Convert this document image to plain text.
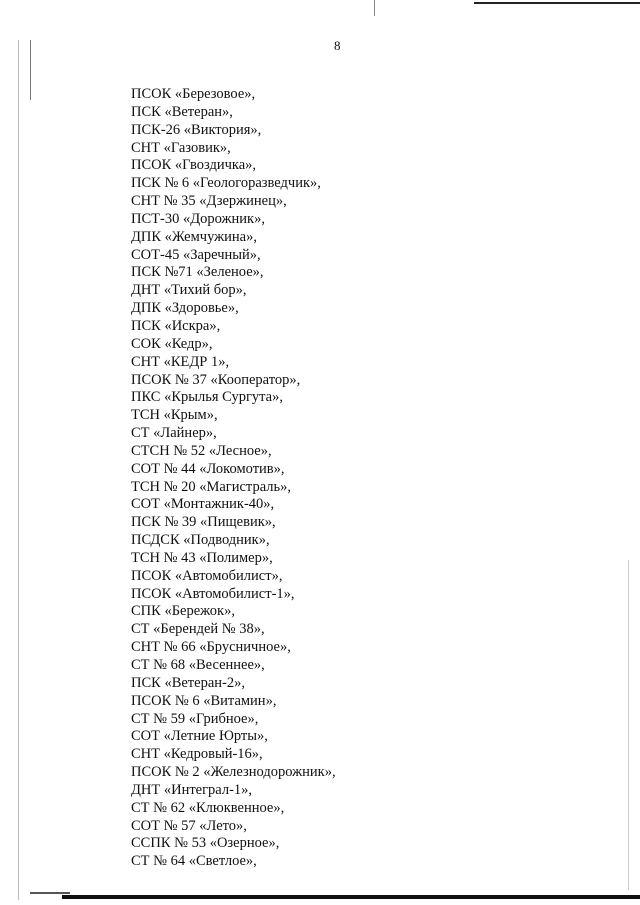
8
ПСОК «Березовое»,
ПСК «Ветеран»,
ПСК-26 «Виктория»,
СНТ «Газовик»,
ПСОК «Гвоздичка»,
ПСК № 6 «Геологоразведчик»,
СНТ № 35 «Дзержинец»,
ПСТ-30 «Дорожник»,
ДПК «Жемчужина»,
СОТ-45 «Заречный»,
ПСК №71 «Зеленое»,
ДНТ «Тихий бор»,
ДПК «Здоровье»,
ПСК «Искра»,
СОК «Кедр»,
СНТ «КЕДР 1»,
ПСОК № 37 «Кооператор»,
ПКС «Крылья Сургута»,
ТСН «Крым»,
СТ «Лайнер»,
СТСН № 52 «Лесное»,
СОТ № 44 «Локомотив»,
ТСН № 20 «Магистраль»,
СОТ «Монтажник-40»,
ПСК № 39 «Пищевик»,
ПСДСК «Подводник»,
ТСН № 43 «Полимер»,
ПСОК «Автомобилист»,
ПСОК «Автомобилист-1»,
СПК «Бережок»,
СТ «Берендей № 38»,
СНТ № 66 «Брусничное»,
СТ № 68 «Весеннее»,
ПСК «Ветеран-2»,
ПСОК № 6 «Витамин»,
СТ № 59 «Грибное»,
СОТ «Летние Юрты»,
СНТ «Кедровый-16»,
ПСОК № 2 «Железнодорожник»,
ДНТ «Интеграл-1»,
СТ № 62 «Клюквенное»,
СОТ № 57 «Лето»,
ССПК № 53 «Озерное»,
СТ № 64 «Светлое»,
